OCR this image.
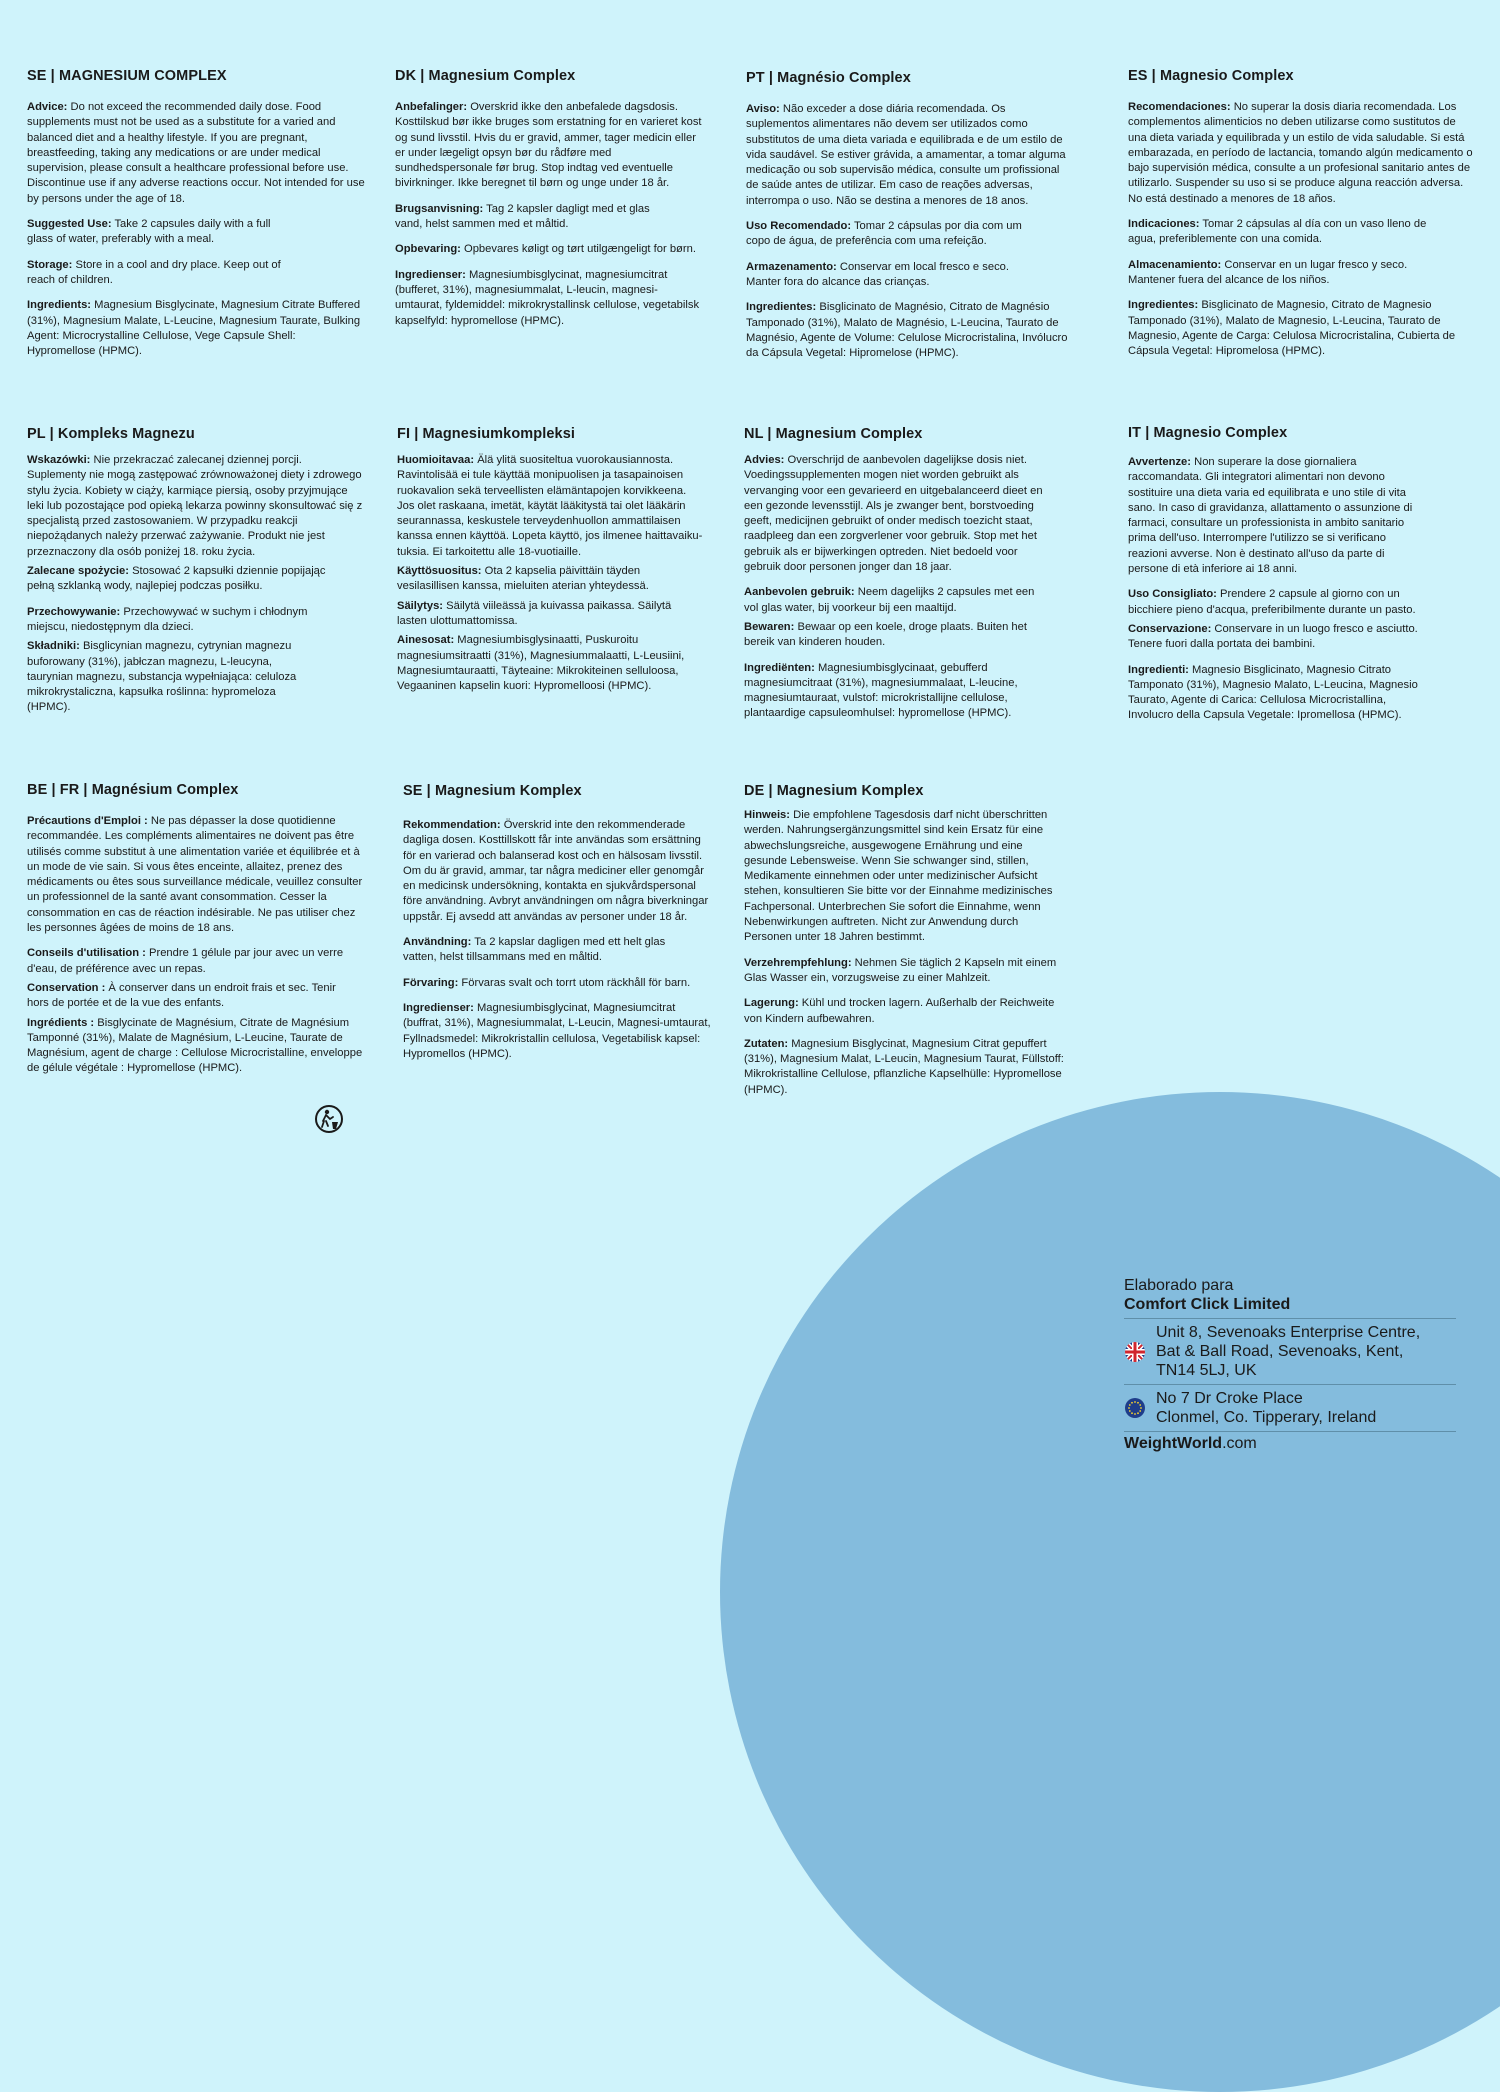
SE | MAGNESIUM COMPLEX

Advice: Do not exceed the recommended daily dose. Food supplements must not be used as a substitute for a varied and balanced diet and a healthy lifestyle. If you are pregnant, breastfeeding, taking any medications or are under medical supervision, please consult a healthcare professional before use. Discontinue use if any adverse reactions occur. Not intended for use by persons under the age of 18.

Suggested Use: Take 2 capsules daily with a full glass of water, preferably with a meal.

Storage: Store in a cool and dry place. Keep out of reach of children.

Ingredients: Magnesium Bisglycinate, Magnesium Citrate Buffered (31%), Magnesium Malate, L-Leucine, Magnesium Taurate, Bulking Agent: Microcrystalline Cellulose, Vege Capsule Shell: Hypromellose (HPMC).

DK | Magnesium Complex

Anbefalinger: Overskrid ikke den anbefalede dagsdosis. Kosttilskud bør ikke bruges som erstatning for en varieret kost og sund livsstil. Hvis du er gravid, ammer, tager medicin eller er under lægeligt opsyn bør du rådføre med sundhedspersonale før brug. Stop indtag ved eventuelle bivirkninger. Ikke beregnet til børn og unge under 18 år.

Brugsanvisning: Tag 2 kapsler dagligt med et glas vand, helst sammen med et måltid.

Opbevaring: Opbevares køligt og tørt utilgængeligt for børn.

Ingredienser: Magnesiumbisglycinat, magnesiumcitrat (bufferet, 31%), magnesiummalat, L-leucin, magnesi-umtaurat, fyldemiddel: mikrokrystallinsk cellulose, vegetabilsk kapselfyld: hypromellose (HPMC).

PT | Magnésio Complex

Aviso: Não exceder a dose diária recomendada. Os suplementos alimentares não devem ser utilizados como substitutos de uma dieta variada e equilibrada e de um estilo de vida saudável. Se estiver grávida, a amamentar, a tomar alguma medicação ou sob supervisão médica, consulte um profissional de saúde antes de utilizar. Em caso de reações adversas, interrompa o uso. Não se destina a menores de 18 anos.

Uso Recomendado: Tomar 2 cápsulas por dia com um copo de água, de preferência com uma refeição.

Armazenamento: Conservar em local fresco e seco. Manter fora do alcance das crianças.

Ingredientes: Bisglicinato de Magnésio, Citrato de Magnésio Tamponado (31%), Malato de Magnésio, L-Leucina, Taurato de Magnésio, Agente de Volume: Celulose Microcristalina, Invólucro da Cápsula Vegetal: Hipromelose (HPMC).

ES | Magnesio Complex

Recomendaciones: No superar la dosis diaria recomendada. Los complementos alimenticios no deben utilizarse como sustitutos de una dieta variada y equilibrada y un estilo de vida saludable. Si está embarazada, en período de lactancia, tomando algún medicamento o bajo supervisión médica, consulte a un profesional sanitario antes de utilizarlo. Suspender su uso si se produce alguna reacción adversa. No está destinado a menores de 18 años.

Indicaciones: Tomar 2 cápsulas al día con un vaso lleno de agua, preferiblemente con una comida.

Almacenamiento: Conservar en un lugar fresco y seco. Mantener fuera del alcance de los niños.

Ingredientes: Bisglicinato de Magnesio, Citrato de Magnesio Tamponado (31%), Malato de Magnesio, L-Leucina, Taurato de Magnesio, Agente de Carga: Celulosa Microcristalina, Cubierta de Cápsula Vegetal: Hipromelosa (HPMC).

PL | Kompleks Magnezu

Wskazówki: Nie przekraczać zalecanej dziennej porcji. Suplementy nie mogą zastępować zrównoważonej diety i zdrowego stylu życia. Kobiety w ciąży, karmiące piersią, osoby przyjmujące leki lub pozostające pod opieką lekarza powinny skonsultować się z specjalistą przed zastosowaniem. W przypadku reakcji niepożądanych należy przerwać zażywanie. Produkt nie jest przeznaczony dla osób poniżej 18. roku życia.

Zalecane spożycie: Stosować 2 kapsułki dziennie popijając pełną szklanką wody, najlepiej podczas posiłku.

Przechowywanie: Przechowywać w suchym i chłodnym miejscu, niedostępnym dla dzieci.

Składniki: Bisglicynian magnezu, cytrynian magnezu buforowany (31%), jabłczan magnezu, L-leucyna, taurynian magnezu, substancja wypełniająca: celuloza mikrokrystaliczna, kapsułka roślinna: hypromeloza (HPMC).

FI | Magnesiumkompleksi

Huomioitavaa: Älä ylitä suositeltua vuorokausiannosta. Ravintolisää ei tule käyttää monipuolisen ja tasapainoisen ruokavalion sekä terveellisten elämäntapojen korvikkeena. Jos olet raskaana, imetät, käytät lääkitystä tai olet lääkärin seurannassa, keskustele terveydenhuollon ammattilaisen kanssa ennen käyttöä. Lopeta käyttö, jos ilmenee haittavaiku-tuksia. Ei tarkoitettu alle 18-vuotiaille.

Käyttösuositus: Ota 2 kapselia päivittäin täyden vesilasillisen kanssa, mieluiten aterian yhteydessä.

Säilytys: Säilytä viileässä ja kuivassa paikassa. Säilytä lasten ulottumattomissa.

Ainesosat: Magnesiumbisglysinaatti, Puskuroitu magnesiumsitraatti (31%), Magnesiummalaatti, L-Leusiini, Magnesiumtauraatti, Täyteaine: Mikrokiteinen selluloosa, Vegaaninen kapselin kuori: Hypromelloosi (HPMC).

NL | Magnesium Complex

Advies: Overschrijd de aanbevolen dagelijkse dosis niet. Voedingssupplementen mogen niet worden gebruikt als vervanging voor een gevarieerd en uitgebalanceerd dieet en een gezonde levensstijl. Als je zwanger bent, borstvoeding geeft, medicijnen gebruikt of onder medisch toezicht staat, raadpleeg dan een zorgverlener voor gebruik. Stop met het gebruik als er bijwerkingen optreden. Niet bedoeld voor gebruik door personen jonger dan 18 jaar.

Aanbevolen gebruik: Neem dagelijks 2 capsules met een vol glas water, bij voorkeur bij een maaltijd.

Bewaren: Bewaar op een koele, droge plaats. Buiten het bereik van kinderen houden.

Ingrediënten: Magnesiumbisglycinaat, gebufferd magnesiumcitraat (31%), magnesiummalaat, L-leucine, magnesiumtauraat, vulstof: microkristallijne cellulose, plantaardige capsuleomhulsel: hypromellose (HPMC).

IT | Magnesio Complex

Avvertenze: Non superare la dose giornaliera raccomandata. Gli integratori alimentari non devono sostituire una dieta varia ed equilibrata e uno stile di vita sano. In caso di gravidanza, allattamento o assunzione di farmaci, consultare un professionista in ambito sanitario prima dell'uso. Interrompere l'utilizzo se si verificano reazioni avverse. Non è destinato all'uso da parte di persone di età inferiore ai 18 anni.

Uso Consigliato: Prendere 2 capsule al giorno con un bicchiere pieno d'acqua, preferibilmente durante un pasto.

Conservazione: Conservare in un luogo fresco e asciutto. Tenere fuori dalla portata dei bambini.

Ingredienti: Magnesio Bisglicinato, Magnesio Citrato Tamponato (31%), Magnesio Malato, L-Leucina, Magnesio Taurato, Agente di Carica: Cellulosa Microcristallina, Involucro della Capsula Vegetale: Ipromellosa (HPMC).

BE | FR | Magnésium Complex

Précautions d'Emploi : Ne pas dépasser la dose quotidienne recommandée. Les compléments alimentaires ne doivent pas être utilisés comme substitut à une alimentation variée et équilibrée et à un mode de vie sain. Si vous êtes enceinte, allaitez, prenez des médicaments ou êtes sous surveillance médicale, veuillez consulter un professionnel de la santé avant consommation. Cesser la consommation en cas de réaction indésirable. Ne pas utiliser chez les personnes âgées de moins de 18 ans.

Conseils d'utilisation : Prendre 1 gélule par jour avec un verre d'eau, de préférence avec un repas.

Conservation : À conserver dans un endroit frais et sec. Tenir hors de portée et de la vue des enfants.

Ingrédients : Bisglycinate de Magnésium, Citrate de Magnésium Tamponné (31%), Malate de Magnésium, L-Leucine, Taurate de Magnésium, agent de charge : Cellulose Microcristalline, enveloppe de gélule végétale : Hypromellose (HPMC).

SE | Magnesium Komplex

Rekommendation: Överskrid inte den rekommenderade dagliga dosen. Kosttillskott får inte användas som ersättning för en varierad och balanserad kost och en hälsosam livsstil. Om du är gravid, ammar, tar några mediciner eller genomgår en medicinsk undersökning, kontakta en sjukvårdspersonal före användning. Avbryt användningen om några biverkningar uppstår. Ej avsedd att användas av personer under 18 år.

Användning: Ta 2 kapslar dagligen med ett helt glas vatten, helst tillsammans med en måltid.

Förvaring: Förvaras svalt och torrt utom räckhåll för barn.

Ingredienser: Magnesiumbisglycinat, Magnesiumcitrat (buffrat, 31%), Magnesiummalat, L-Leucin, Magnesi-umtaurat, Fyllnadsmedel: Mikrokristallin cellulosa, Vegetabilisk kapsel: Hypromellos (HPMC).

DE | Magnesium Komplex

Hinweis: Die empfohlene Tagesdosis darf nicht überschritten werden. Nahrungsergänzungsmittel sind kein Ersatz für eine abwechslungsreiche, ausgewogene Ernährung und eine gesunde Lebensweise. Wenn Sie schwanger sind, stillen, Medikamente einnehmen oder unter medizinischer Aufsicht stehen, konsultieren Sie bitte vor der Einnahme medizinisches Fachpersonal. Unterbrechen Sie sofort die Einnahme, wenn Nebenwirkungen auftreten. Nicht zur Anwendung durch Personen unter 18 Jahren bestimmt.

Verzehrempfehlung: Nehmen Sie täglich 2 Kapseln mit einem Glas Wasser ein, vorzugsweise zu einer Mahlzeit.

Lagerung: Kühl und trocken lagern. Außerhalb der Reichweite von Kindern aufbewahren.

Zutaten: Magnesium Bisglycinat, Magnesium Citrat gepuffert (31%), Magnesium Malat, L-Leucin, Magnesium Taurat, Füllstoff: Mikrokristalline Cellulose, pflanzliche Kapselhülle: Hypromellose (HPMC).

Elaborado para
Comfort Click Limited
Unit 8, Sevenoaks Enterprise Centre,
Bat & Ball Road, Sevenoaks, Kent,
TN14 5LJ, UK
No 7 Dr Croke Place
Clonmel, Co. Tipperary, Ireland
WeightWorld.com
